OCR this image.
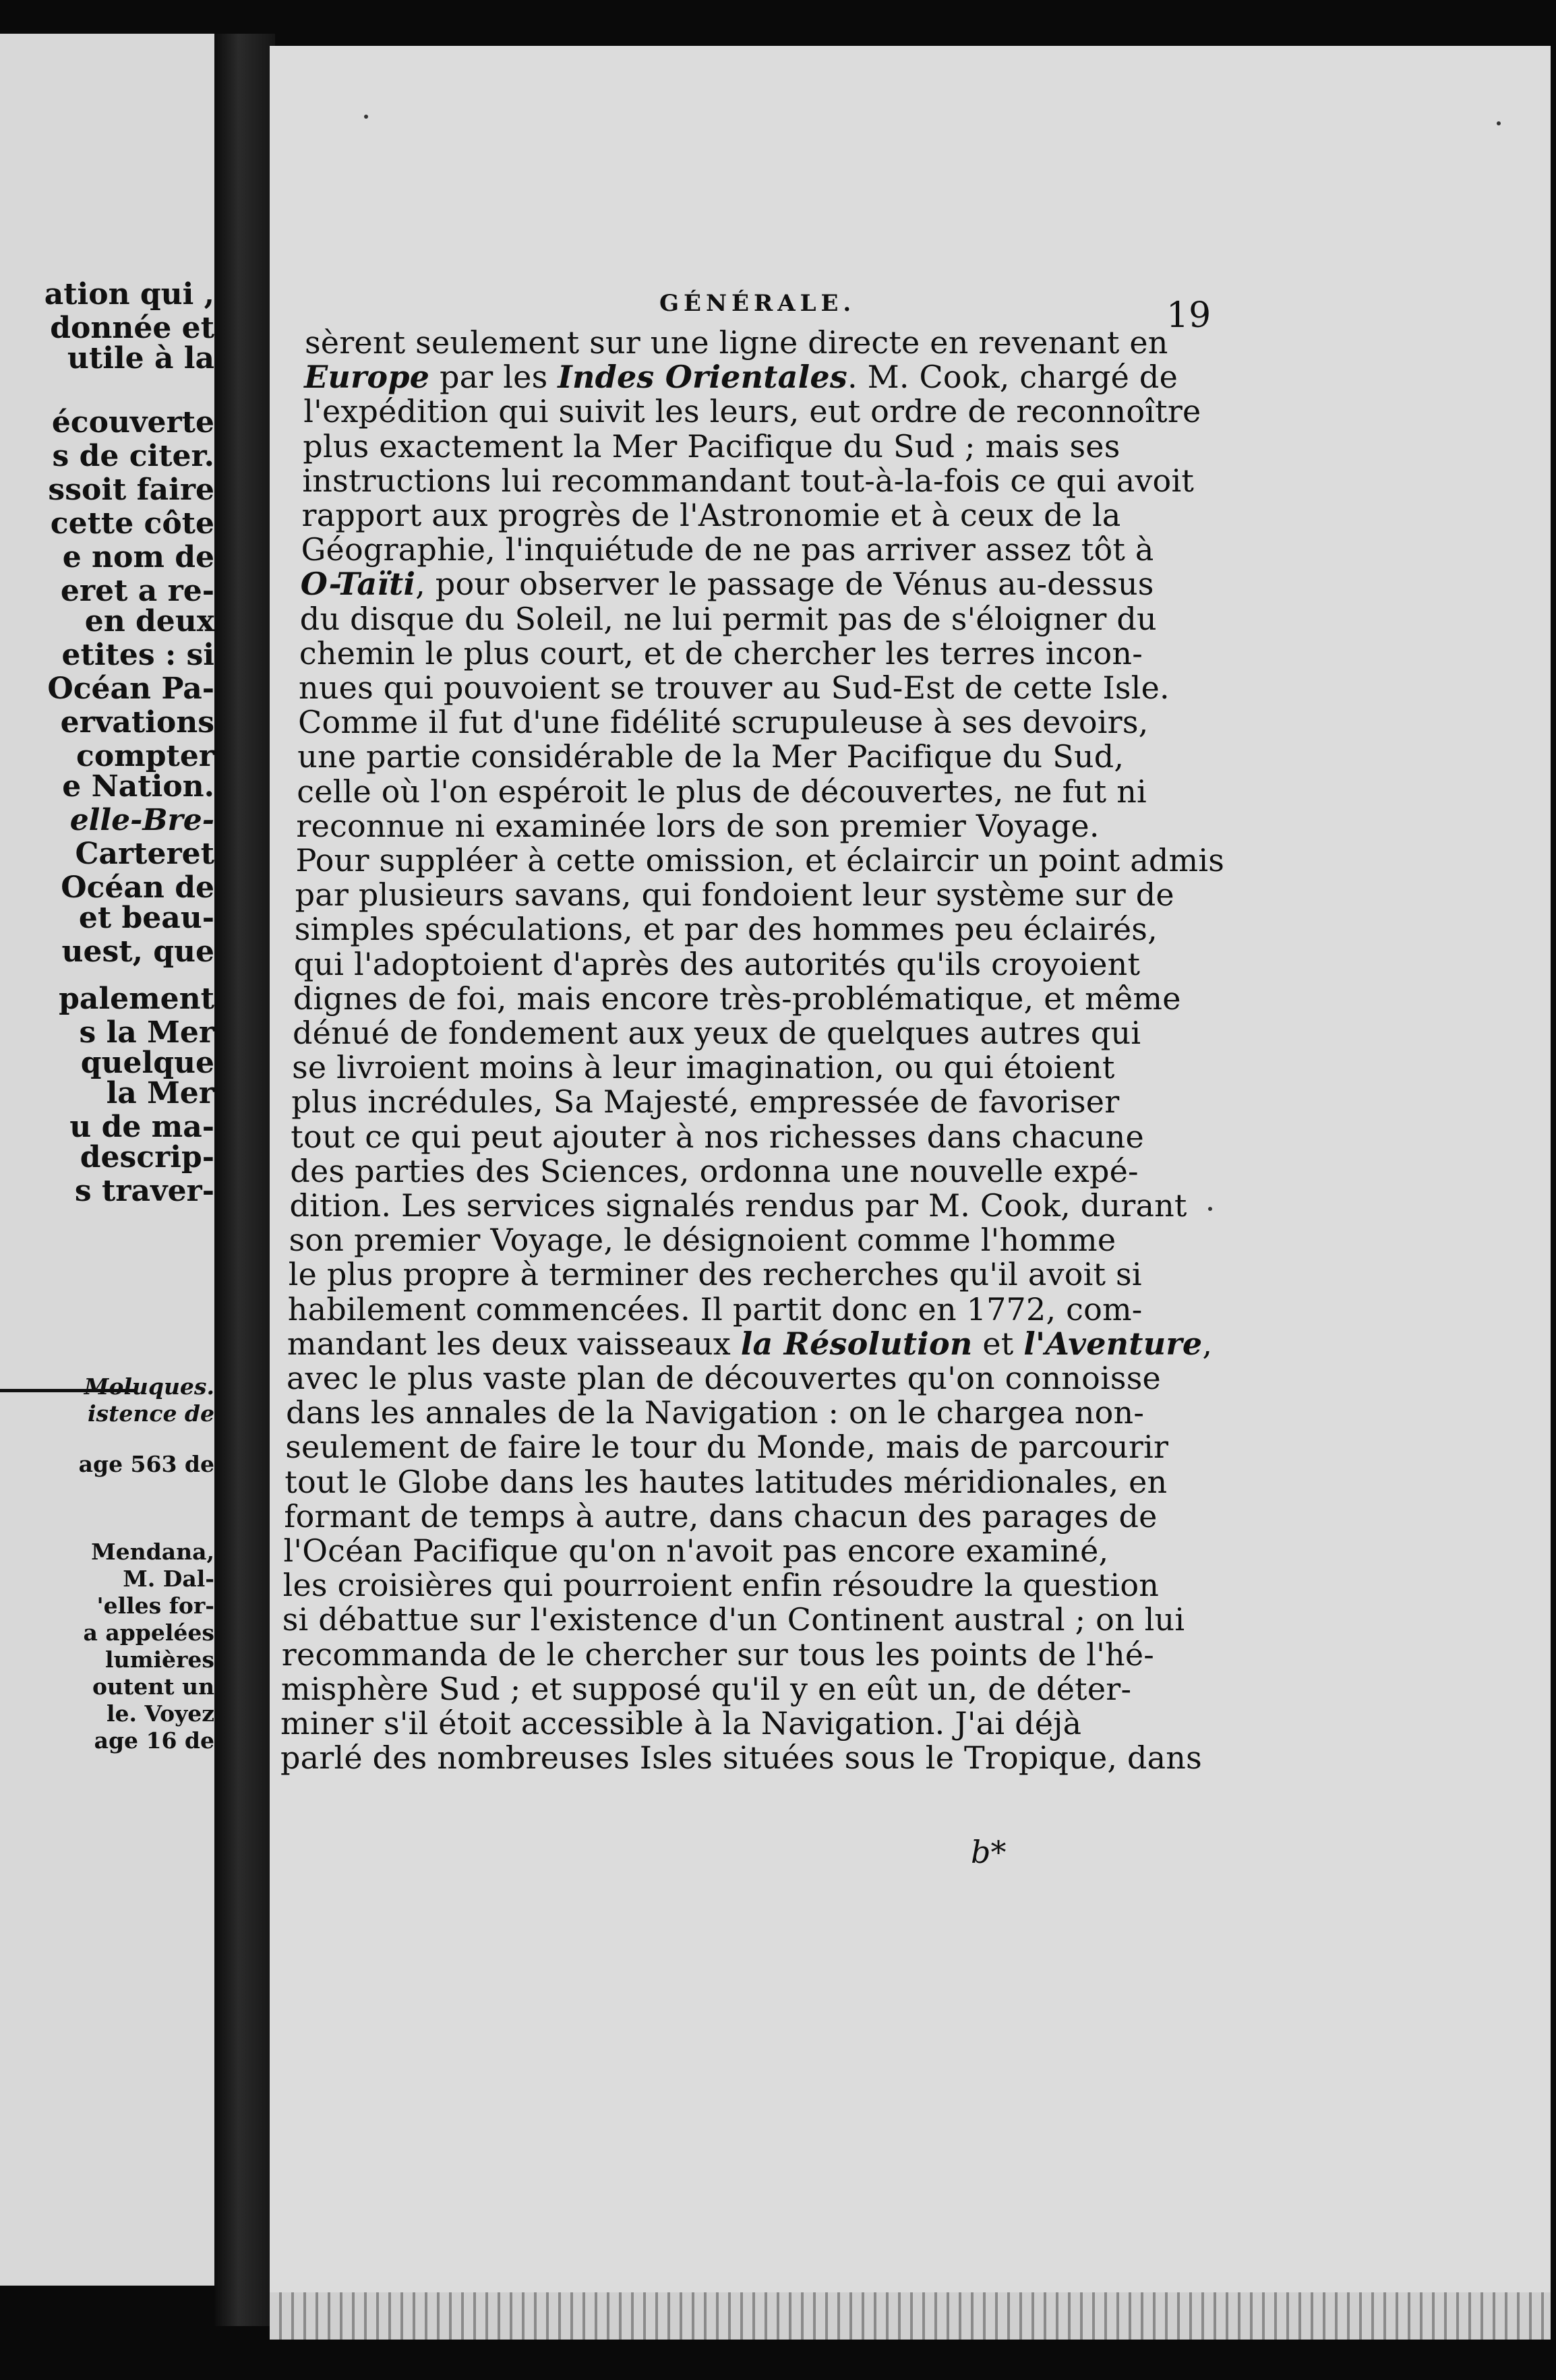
ation qui ,
donnée et
utile à la
écouverte
s de citer.
ssoit faire
cette côte
e nom de
eret a re-
en deux
etites : si
Océan Pa-
ervations
compter
e Nation.
elle-Bre-
Carteret
Océan de
et beau-
uest, que
palement
s la Mer
quelque
la Mer
u de ma-
descrip-
s traver-
Moluques.
istence de
age 563 de
Mendana,
M. Dal-
'elles for-
a appelées
lumières
outent un
le. Voyez
age 16 de
GÉNÉRALE.	19
sèrent seulement sur une ligne directe en revenant en
Europe par les Indes Orientales. M. Cook, chargé de
l'expédition qui suivit les leurs, eut ordre de reconnoître
plus exactement la Mer Pacifique du Sud ; mais ses
instructions lui recommandant tout-à-la-fois ce qui avoit
rapport aux progrès de l'Astronomie et à ceux de la
Géographie, l'inquiétude de ne pas arriver assez tôt à
O-Taïti, pour observer le passage de Vénus au-dessus
du disque du Soleil, ne lui permit pas de s'éloigner du
chemin le plus court, et de chercher les terres incon-
nues qui pouvoient se trouver au Sud-Est de cette Isle.
Comme il fut d'une fidélité scrupuleuse à ses devoirs,
une partie considérable de la Mer Pacifique du Sud,
celle où l'on espéroit le plus de découvertes, ne fut ni
reconnue ni examinée lors de son premier Voyage.
Pour suppléer à cette omission, et éclaircir un point admis
par plusieurs savans, qui fondoient leur système sur de
simples spéculations, et par des hommes peu éclairés,
qui l'adoptoient d'après des autorités qu'ils croyoient
dignes de foi, mais encore très-problématique, et même
dénué de fondement aux yeux de quelques autres qui
se livroient moins à leur imagination, ou qui étoient
plus incrédules, Sa Majesté, empressée de favoriser
tout ce qui peut ajouter à nos richesses dans chacune
des parties des Sciences, ordonna une nouvelle expé-
dition. Les services signalés rendus par M. Cook, durant
son premier Voyage, le désignoient comme l'homme
le plus propre à terminer des recherches qu'il avoit si
habilement commencées. Il partit donc en 1772, com-
mandant les deux vaisseaux la Résolution et l'Aventure,
avec le plus vaste plan de découvertes qu'on connoisse
dans les annales de la Navigation : on le chargea non-
seulement de faire le tour du Monde, mais de parcourir
tout le Globe dans les hautes latitudes méridionales, en
formant de temps à autre, dans chacun des parages de
l'Océan Pacifique qu'on n'avoit pas encore examiné,
les croisières qui pourroient enfin résoudre la question
si débattue sur l'existence d'un Continent austral ; on lui
recommanda de le chercher sur tous les points de l'hé-
misphère Sud ; et supposé qu'il y en eût un, de déter-
miner s'il étoit accessible à la Navigation. J'ai déjà
parlé des nombreuses Isles situées sous le Tropique, dans
b*
